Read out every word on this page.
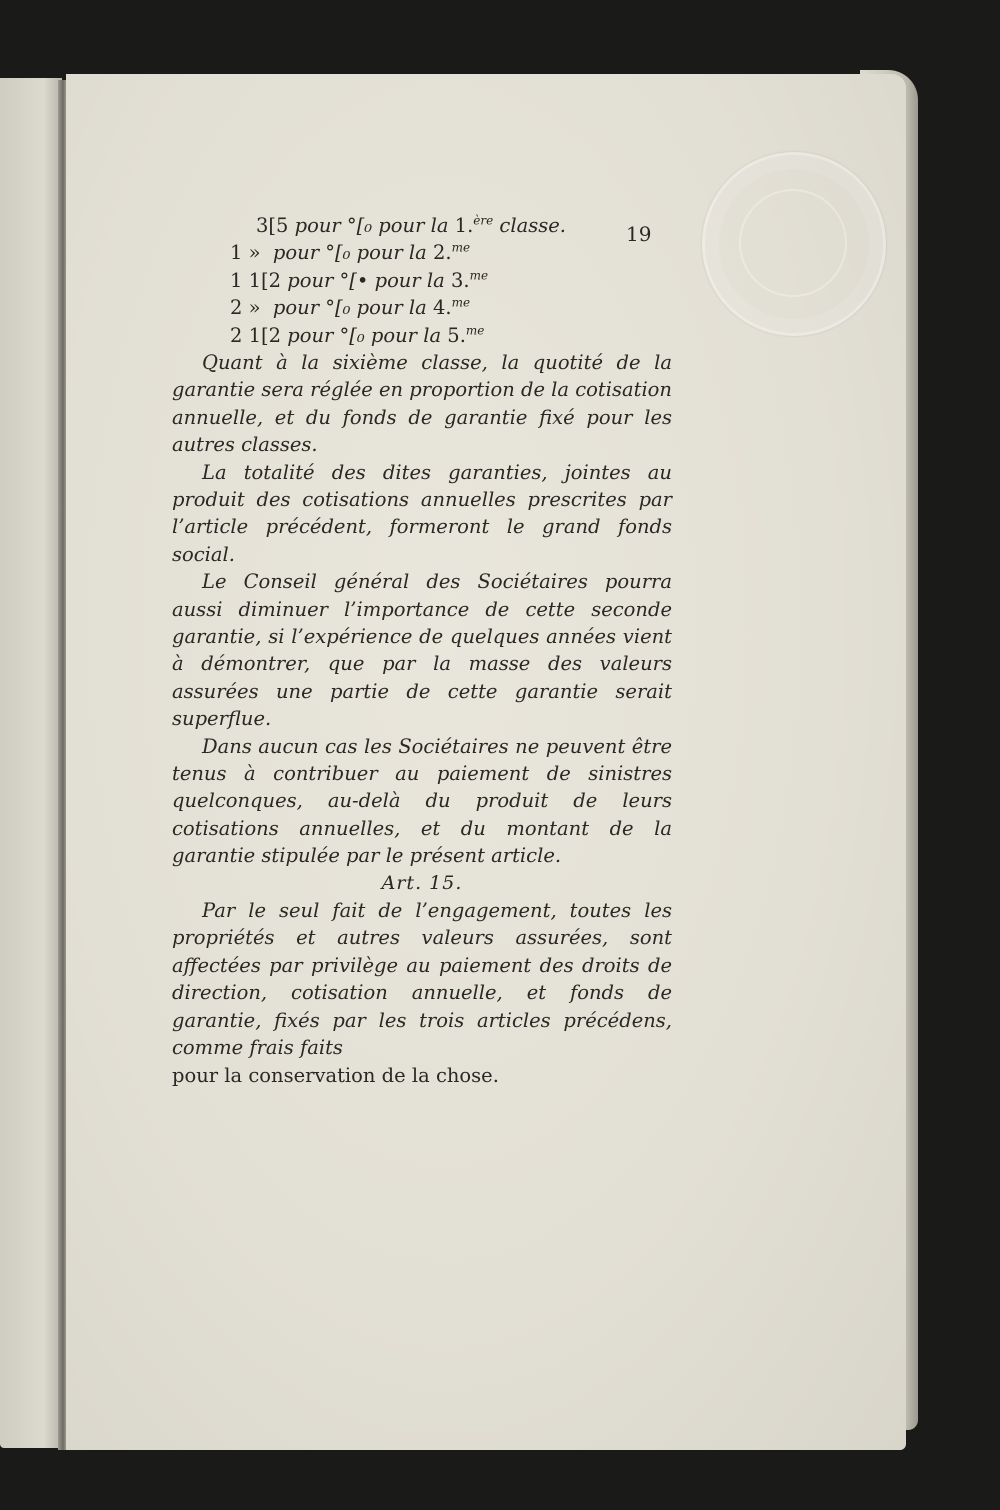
19
3[5 pour °[₀ pour la 1.$^{ère}$ classe.
1 »  pour °[₀ pour la 2.$^{me}$
1 1[2 pour °[• pour la 3.$^{me}$
2 »  pour °[₀ pour la 4.$^{me}$
2 1[2 pour °[₀ pour la 5.$^{me}$
Quant à la sixième classe, la quotité de la garantie sera réglée en proportion de la cotisation annuelle, et du fonds de garantie fixé pour les autres classes.
La totalité des dites garanties, jointes au produit des cotisations annuelles prescrites par l’article précédent, formeront le grand fonds social.
Le Conseil général des Sociétaires pourra aussi diminuer l’importance de cette seconde garantie, si l’expérience de quelques années vient à démontrer, que par la masse des valeurs assurées une partie de cette garantie serait superflue.
Dans aucun cas les Sociétaires ne peuvent être tenus à contribuer au paiement de sinistres quelconques, au-delà du produit de leurs cotisations annuelles, et du montant de la garantie stipulée par le présent article.
Art. 15.
Par le seul fait de l’engagement, toutes les propriétés et autres valeurs assurées, sont affectées par privilège au paiement des droits de direction, cotisation annuelle, et fonds de garantie, fixés par les trois articles précédens, comme frais faits
pour la conservation de la chose.
